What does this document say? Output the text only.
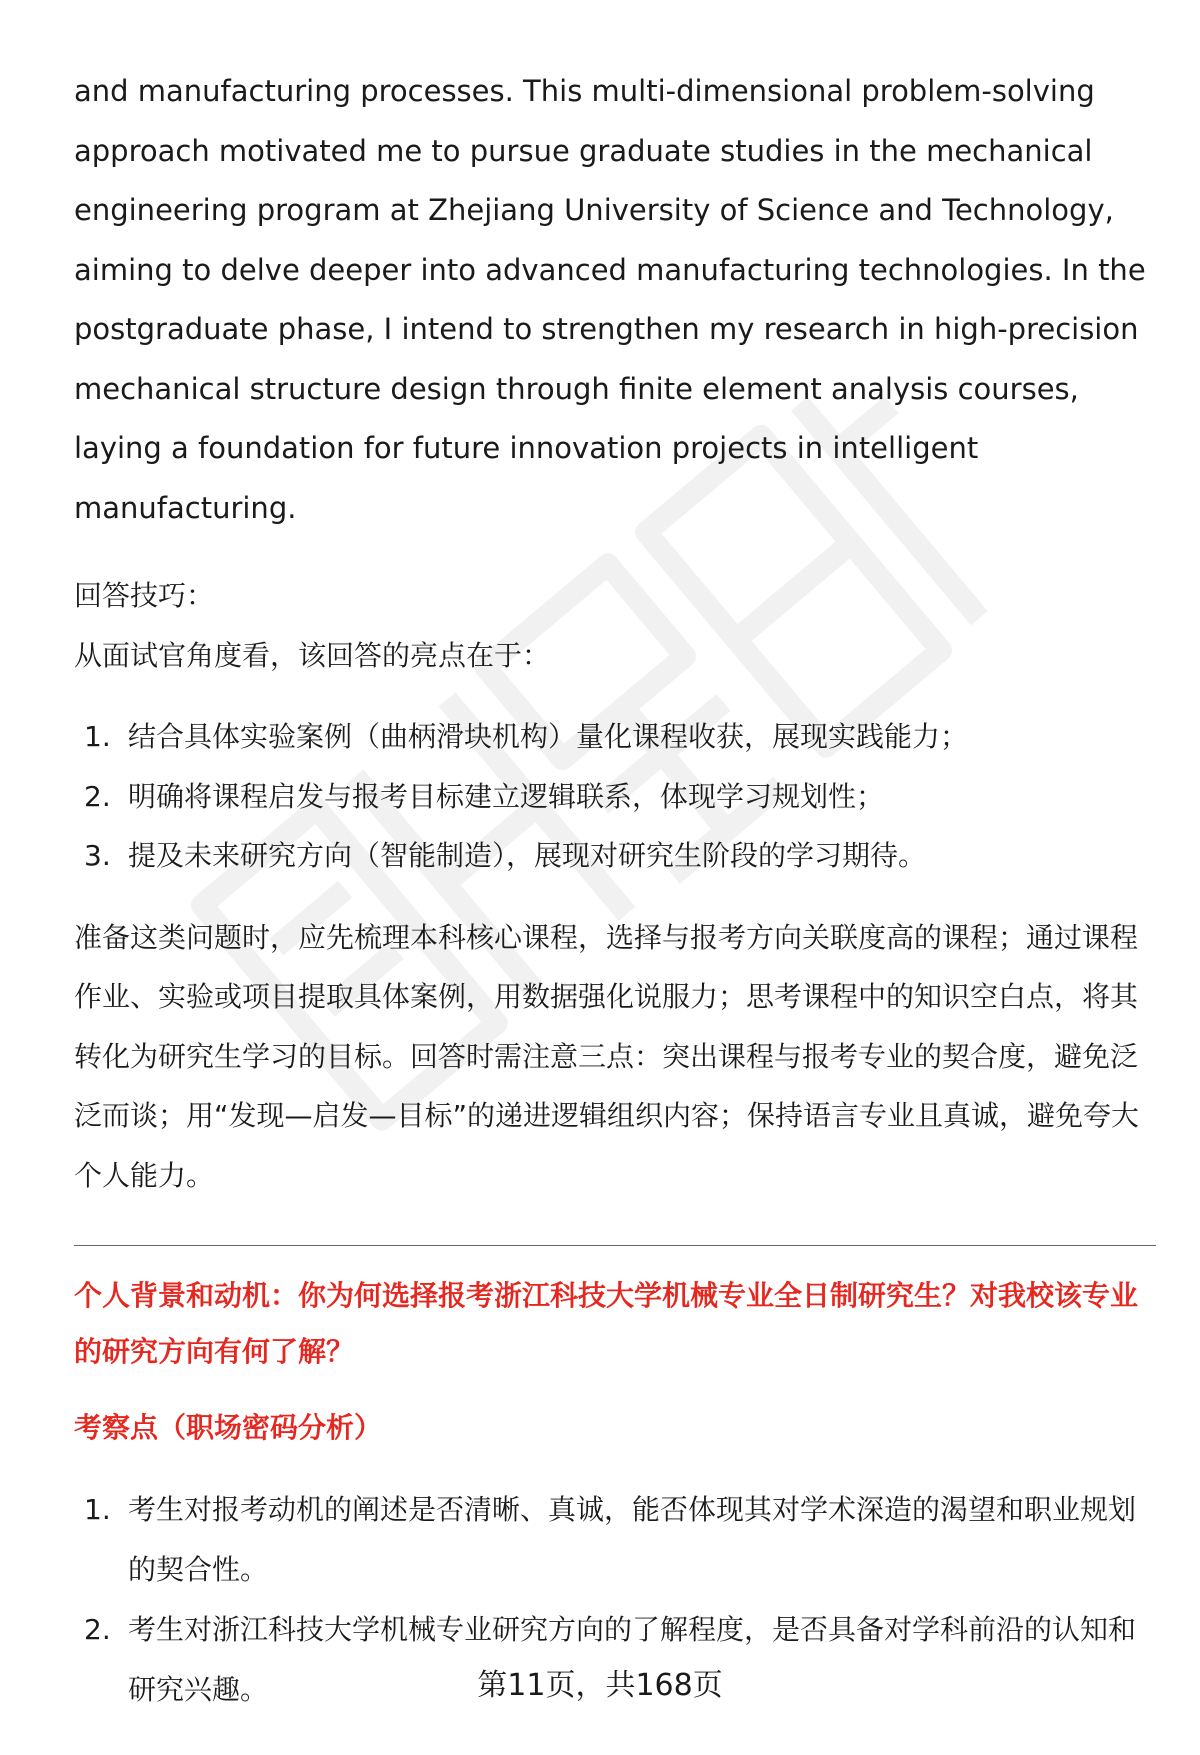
and manufacturing processes. This multi-dimensional problem-solving approach motivated me to pursue graduate studies in the mechanical engineering program at Zhejiang University of Science and Technology, aiming to delve deeper into advanced manufacturing technologies. In the postgraduate phase, I intend to strengthen my research in high-precision mechanical structure design through finite element analysis courses, laying a foundation for future innovation projects in intelligent manufacturing.

回答技巧：

从面试官角度看，该回答的亮点在于：

1. 结合具体实验案例（曲柄滑块机构）量化课程收获，展现实践能力；
2. 明确将课程启发与报考目标建立逻辑联系，体现学习规划性；
3. 提及未来研究方向（智能制造），展现对研究生阶段的学习期待。

准备这类问题时，应先梳理本科核心课程，选择与报考方向关联度高的课程；通过课程作业、实验或项目提取具体案例，用数据强化说服力；思考课程中的知识空白点，将其转化为研究生学习的目标。回答时需注意三点：突出课程与报考专业的契合度，避免泛泛而谈；用“发现—启发—目标”的递进逻辑组织内容；保持语言专业且真诚，避免夸大个人能力。

个人背景和动机：你为何选择报考浙江科技大学机械专业全日制研究生？对我校该专业的研究方向有何了解？

考察点（职场密码分析）

1. 考生对报考动机的阐述是否清晰、真诚，能否体现其对学术深造的渴望和职业规划的契合性。
2. 考生对浙江科技大学机械专业研究方向的了解程度，是否具备对学科前沿的认知和研究兴趣。	第11页，共168页
